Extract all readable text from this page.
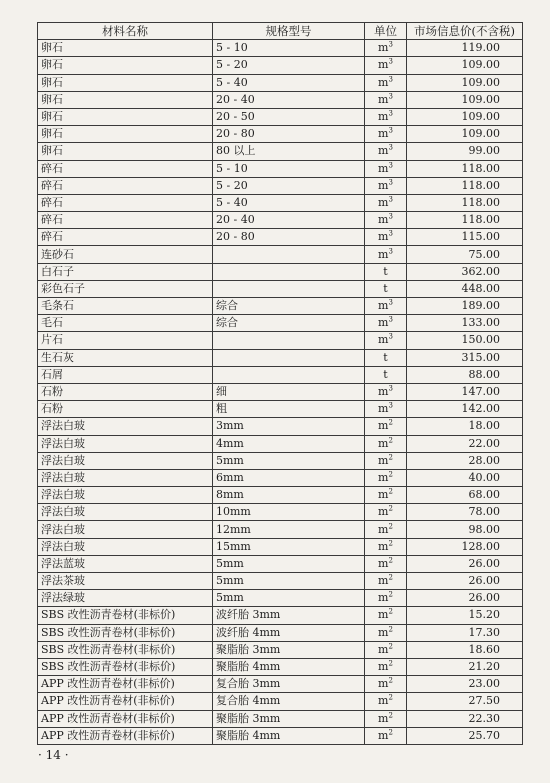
材料名称	规格型号	单位	市场信息价(不含税)
卵石	5 - 10	$m^3$	119.00
卵石	5 - 20	$m^3$	109.00
卵石	5 - 40	$m^3$	109.00
卵石	20 - 40	$m^3$	109.00
卵石	20 - 50	$m^3$	109.00
卵石	20 - 80	$m^3$	109.00
卵石	80 以上	$m^3$	99.00
碎石	5 - 10	$m^3$	118.00
碎石	5 - 20	$m^3$	118.00
碎石	5 - 40	$m^3$	118.00
碎石	20 - 40	$m^3$	118.00
碎石	20 - 80	$m^3$	115.00
连砂石		$m^3$	75.00
白石子		t	362.00
彩色石子		t	448.00
毛条石	综合	$m^3$	189.00
毛石	综合	$m^3$	133.00
片石		$m^3$	150.00
生石灰		t	315.00
石屑		t	88.00
石粉	细	$m^3$	147.00
石粉	粗	$m^3$	142.00
浮法白玻	3mm	$m^2$	18.00
浮法白玻	4mm	$m^2$	22.00
浮法白玻	5mm	$m^2$	28.00
浮法白玻	6mm	$m^2$	40.00
浮法白玻	8mm	$m^2$	68.00
浮法白玻	10mm	$m^2$	78.00
浮法白玻	12mm	$m^2$	98.00
浮法白玻	15mm	$m^2$	128.00
浮法蓝玻	5mm	$m^2$	26.00
浮法茶玻	5mm	$m^2$	26.00
浮法绿玻	5mm	$m^2$	26.00
SBS 改性沥青卷材(非标价)	波纤胎 3mm	$m^2$	15.20
SBS 改性沥青卷材(非标价)	波纤胎 4mm	$m^2$	17.30
SBS 改性沥青卷材(非标价)	聚脂胎 3mm	$m^2$	18.60
SBS 改性沥青卷材(非标价)	聚脂胎 4mm	$m^2$	21.20
APP 改性沥青卷材(非标价)	复合胎 3mm	$m^2$	23.00
APP 改性沥青卷材(非标价)	复合胎 4mm	$m^2$	27.50
APP 改性沥青卷材(非标价)	聚脂胎 3mm	$m^2$	22.30
APP 改性沥青卷材(非标价)	聚脂胎 4mm	$m^2$	25.70
· 14 ·
